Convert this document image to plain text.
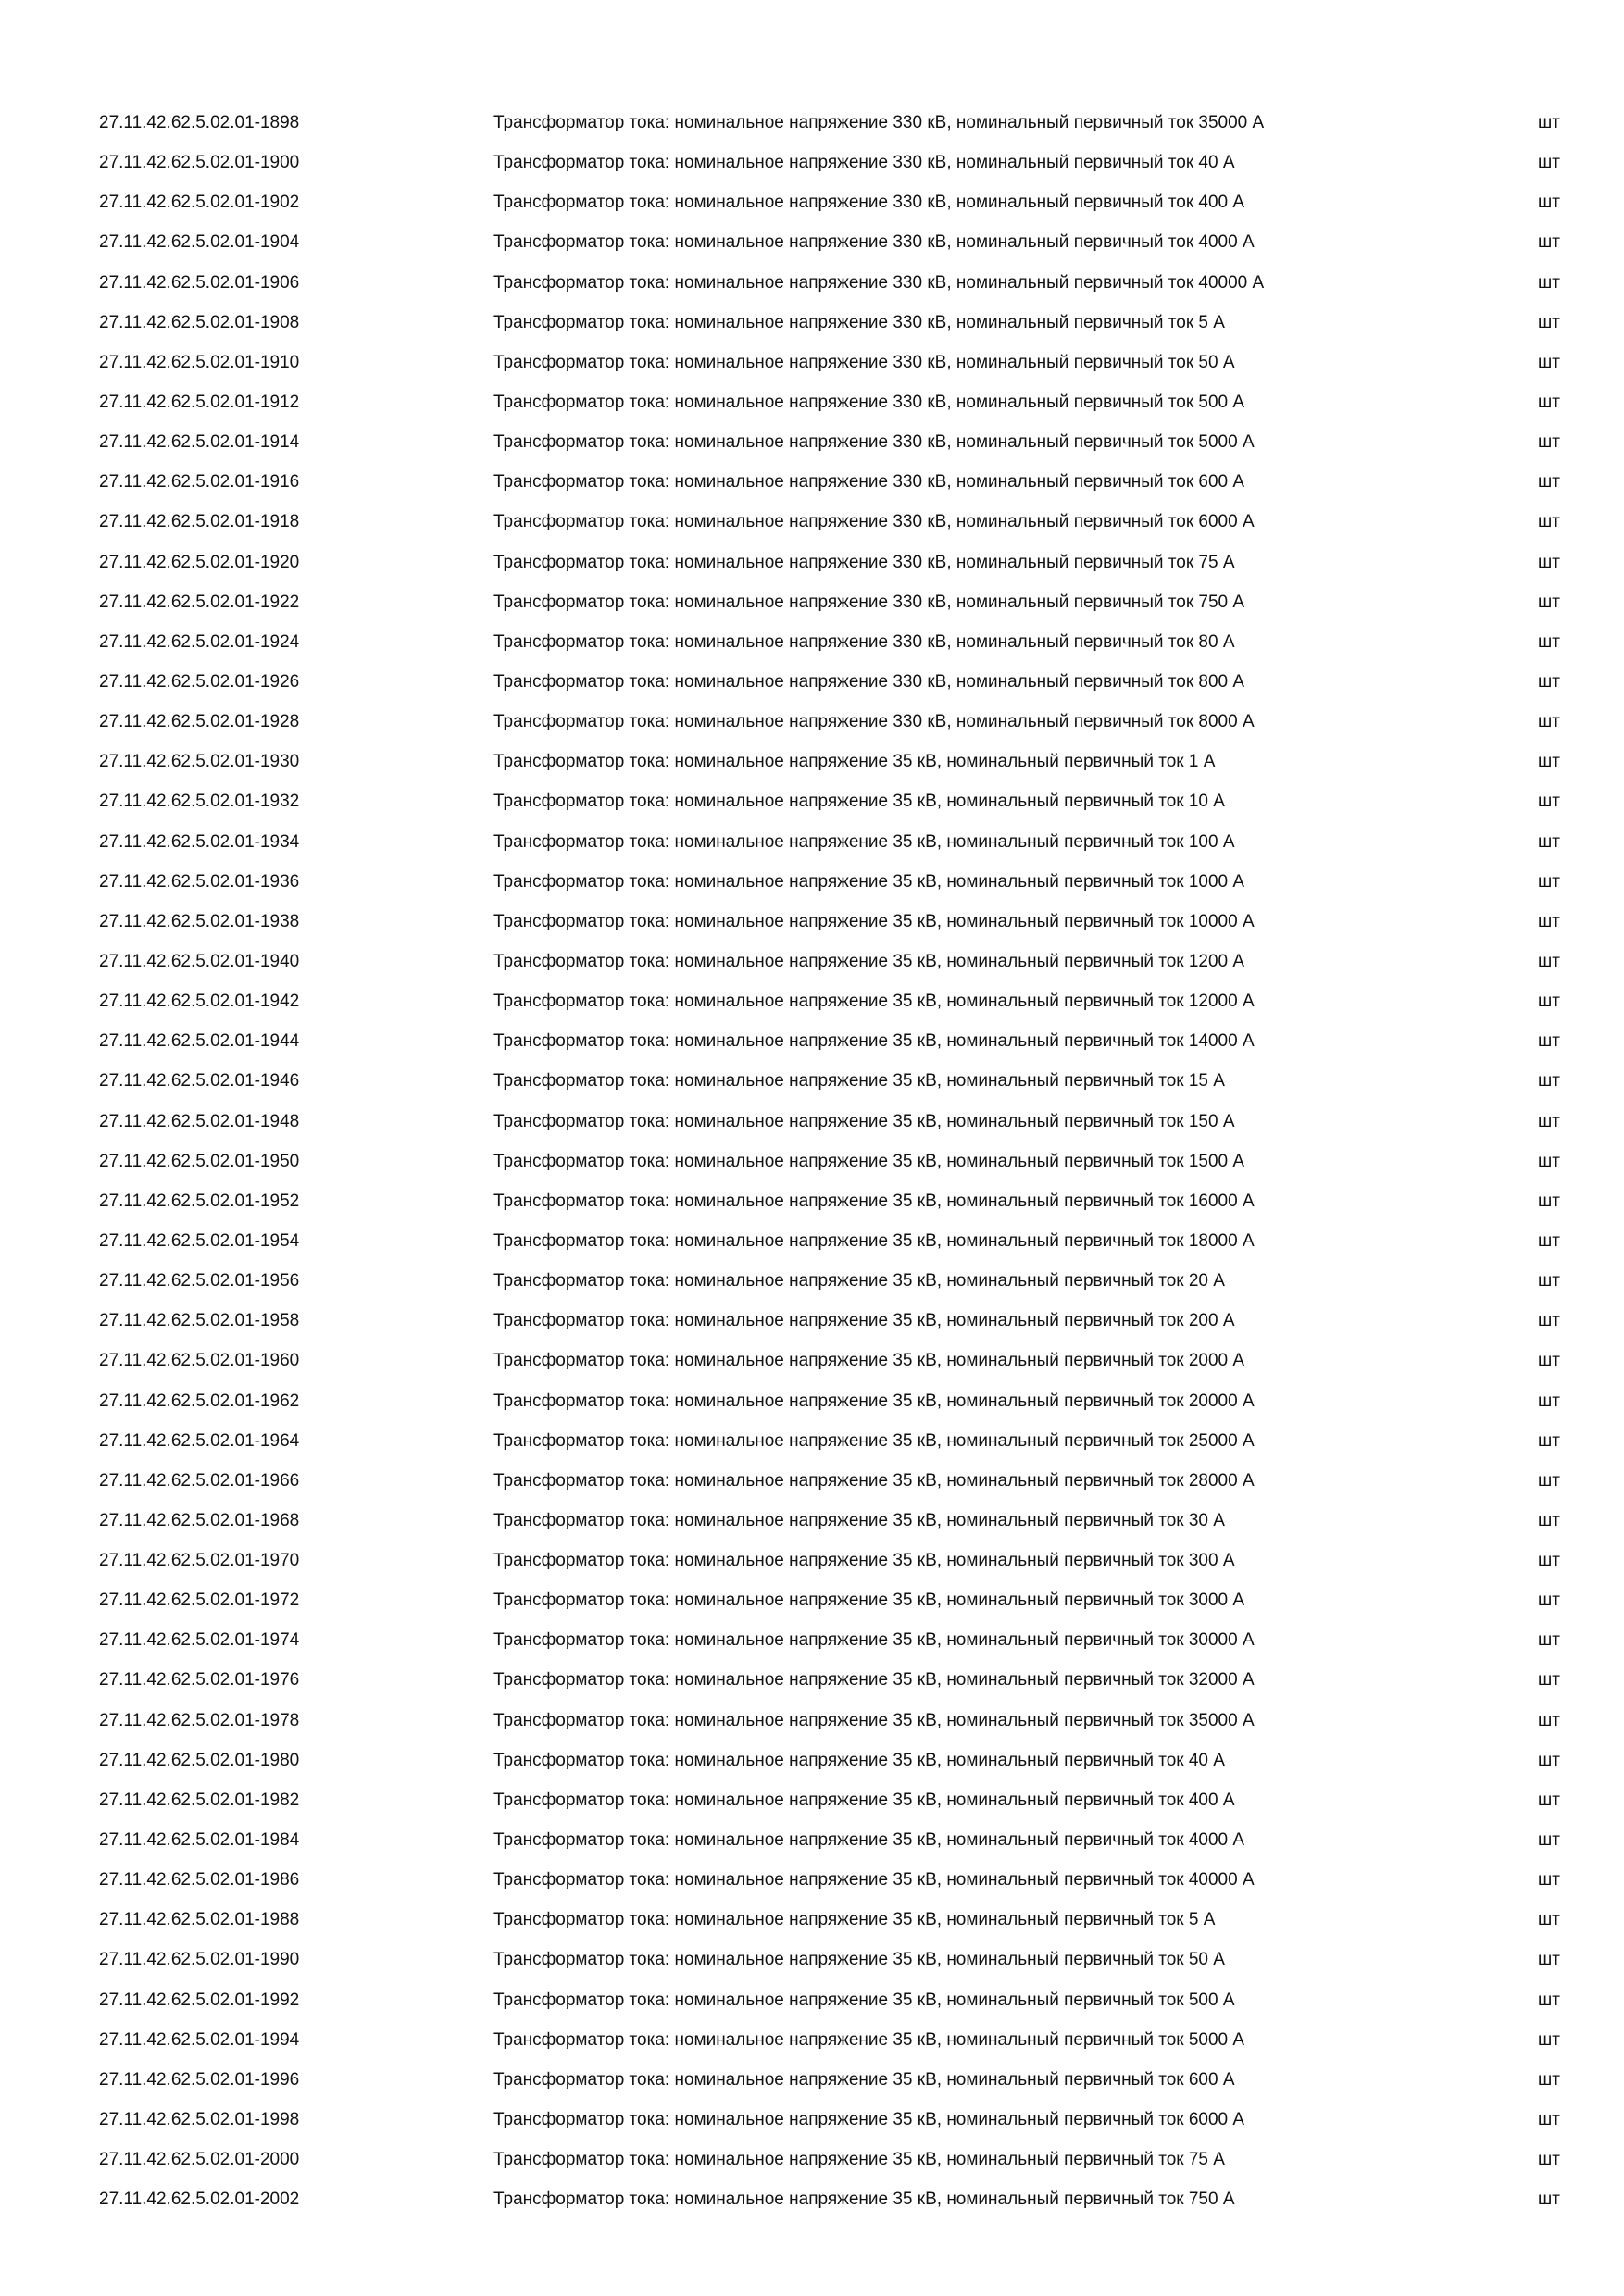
27.11.42.62.5.02.01-1898	Трансформатор тока: номинальное напряжение 330 кВ, номинальный первичный ток 35000 А	шт
27.11.42.62.5.02.01-1900	Трансформатор тока: номинальное напряжение 330 кВ, номинальный первичный ток 40 А	шт
27.11.42.62.5.02.01-1902	Трансформатор тока: номинальное напряжение 330 кВ, номинальный первичный ток 400 А	шт
27.11.42.62.5.02.01-1904	Трансформатор тока: номинальное напряжение 330 кВ, номинальный первичный ток 4000 А	шт
27.11.42.62.5.02.01-1906	Трансформатор тока: номинальное напряжение 330 кВ, номинальный первичный ток 40000 А	шт
27.11.42.62.5.02.01-1908	Трансформатор тока: номинальное напряжение 330 кВ, номинальный первичный ток 5 А	шт
27.11.42.62.5.02.01-1910	Трансформатор тока: номинальное напряжение 330 кВ, номинальный первичный ток 50 А	шт
27.11.42.62.5.02.01-1912	Трансформатор тока: номинальное напряжение 330 кВ, номинальный первичный ток 500 А	шт
27.11.42.62.5.02.01-1914	Трансформатор тока: номинальное напряжение 330 кВ, номинальный первичный ток 5000 А	шт
27.11.42.62.5.02.01-1916	Трансформатор тока: номинальное напряжение 330 кВ, номинальный первичный ток 600 А	шт
27.11.42.62.5.02.01-1918	Трансформатор тока: номинальное напряжение 330 кВ, номинальный первичный ток 6000 А	шт
27.11.42.62.5.02.01-1920	Трансформатор тока: номинальное напряжение 330 кВ, номинальный первичный ток 75 А	шт
27.11.42.62.5.02.01-1922	Трансформатор тока: номинальное напряжение 330 кВ, номинальный первичный ток 750 А	шт
27.11.42.62.5.02.01-1924	Трансформатор тока: номинальное напряжение 330 кВ, номинальный первичный ток 80 А	шт
27.11.42.62.5.02.01-1926	Трансформатор тока: номинальное напряжение 330 кВ, номинальный первичный ток 800 А	шт
27.11.42.62.5.02.01-1928	Трансформатор тока: номинальное напряжение 330 кВ, номинальный первичный ток 8000 А	шт
27.11.42.62.5.02.01-1930	Трансформатор тока: номинальное напряжение 35 кВ, номинальный первичный ток 1 А	шт
27.11.42.62.5.02.01-1932	Трансформатор тока: номинальное напряжение 35 кВ, номинальный первичный ток 10 А	шт
27.11.42.62.5.02.01-1934	Трансформатор тока: номинальное напряжение 35 кВ, номинальный первичный ток 100 А	шт
27.11.42.62.5.02.01-1936	Трансформатор тока: номинальное напряжение 35 кВ, номинальный первичный ток 1000 А	шт
27.11.42.62.5.02.01-1938	Трансформатор тока: номинальное напряжение 35 кВ, номинальный первичный ток 10000 А	шт
27.11.42.62.5.02.01-1940	Трансформатор тока: номинальное напряжение 35 кВ, номинальный первичный ток 1200 А	шт
27.11.42.62.5.02.01-1942	Трансформатор тока: номинальное напряжение 35 кВ, номинальный первичный ток 12000 А	шт
27.11.42.62.5.02.01-1944	Трансформатор тока: номинальное напряжение 35 кВ, номинальный первичный ток 14000 А	шт
27.11.42.62.5.02.01-1946	Трансформатор тока: номинальное напряжение 35 кВ, номинальный первичный ток 15 А	шт
27.11.42.62.5.02.01-1948	Трансформатор тока: номинальное напряжение 35 кВ, номинальный первичный ток 150 А	шт
27.11.42.62.5.02.01-1950	Трансформатор тока: номинальное напряжение 35 кВ, номинальный первичный ток 1500 А	шт
27.11.42.62.5.02.01-1952	Трансформатор тока: номинальное напряжение 35 кВ, номинальный первичный ток 16000 А	шт
27.11.42.62.5.02.01-1954	Трансформатор тока: номинальное напряжение 35 кВ, номинальный первичный ток 18000 А	шт
27.11.42.62.5.02.01-1956	Трансформатор тока: номинальное напряжение 35 кВ, номинальный первичный ток 20 А	шт
27.11.42.62.5.02.01-1958	Трансформатор тока: номинальное напряжение 35 кВ, номинальный первичный ток 200 А	шт
27.11.42.62.5.02.01-1960	Трансформатор тока: номинальное напряжение 35 кВ, номинальный первичный ток 2000 А	шт
27.11.42.62.5.02.01-1962	Трансформатор тока: номинальное напряжение 35 кВ, номинальный первичный ток 20000 А	шт
27.11.42.62.5.02.01-1964	Трансформатор тока: номинальное напряжение 35 кВ, номинальный первичный ток 25000 А	шт
27.11.42.62.5.02.01-1966	Трансформатор тока: номинальное напряжение 35 кВ, номинальный первичный ток 28000 А	шт
27.11.42.62.5.02.01-1968	Трансформатор тока: номинальное напряжение 35 кВ, номинальный первичный ток 30 А	шт
27.11.42.62.5.02.01-1970	Трансформатор тока: номинальное напряжение 35 кВ, номинальный первичный ток 300 А	шт
27.11.42.62.5.02.01-1972	Трансформатор тока: номинальное напряжение 35 кВ, номинальный первичный ток 3000 А	шт
27.11.42.62.5.02.01-1974	Трансформатор тока: номинальное напряжение 35 кВ, номинальный первичный ток 30000 А	шт
27.11.42.62.5.02.01-1976	Трансформатор тока: номинальное напряжение 35 кВ, номинальный первичный ток 32000 А	шт
27.11.42.62.5.02.01-1978	Трансформатор тока: номинальное напряжение 35 кВ, номинальный первичный ток 35000 А	шт
27.11.42.62.5.02.01-1980	Трансформатор тока: номинальное напряжение 35 кВ, номинальный первичный ток 40 А	шт
27.11.42.62.5.02.01-1982	Трансформатор тока: номинальное напряжение 35 кВ, номинальный первичный ток 400 А	шт
27.11.42.62.5.02.01-1984	Трансформатор тока: номинальное напряжение 35 кВ, номинальный первичный ток 4000 А	шт
27.11.42.62.5.02.01-1986	Трансформатор тока: номинальное напряжение 35 кВ, номинальный первичный ток 40000 А	шт
27.11.42.62.5.02.01-1988	Трансформатор тока: номинальное напряжение 35 кВ, номинальный первичный ток 5 А	шт
27.11.42.62.5.02.01-1990	Трансформатор тока: номинальное напряжение 35 кВ, номинальный первичный ток 50 А	шт
27.11.42.62.5.02.01-1992	Трансформатор тока: номинальное напряжение 35 кВ, номинальный первичный ток 500 А	шт
27.11.42.62.5.02.01-1994	Трансформатор тока: номинальное напряжение 35 кВ, номинальный первичный ток 5000 А	шт
27.11.42.62.5.02.01-1996	Трансформатор тока: номинальное напряжение 35 кВ, номинальный первичный ток 600 А	шт
27.11.42.62.5.02.01-1998	Трансформатор тока: номинальное напряжение 35 кВ, номинальный первичный ток 6000 А	шт
27.11.42.62.5.02.01-2000	Трансформатор тока: номинальное напряжение 35 кВ, номинальный первичный ток 75 А	шт
27.11.42.62.5.02.01-2002	Трансформатор тока: номинальное напряжение 35 кВ, номинальный первичный ток 750 А	шт
